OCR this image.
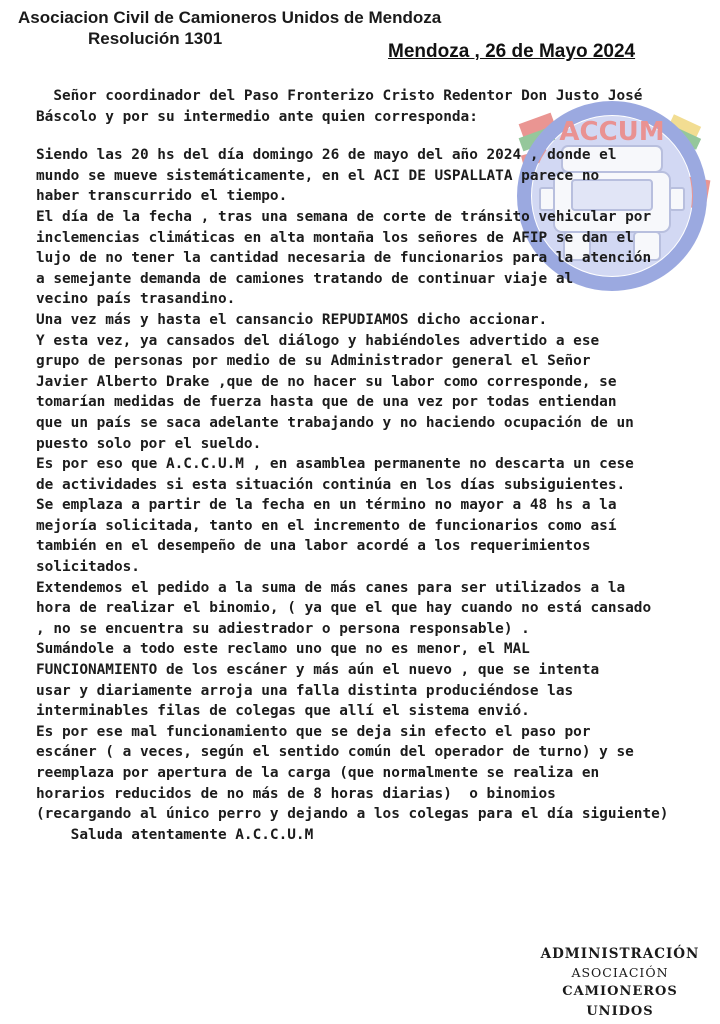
Asociacion Civil de Camioneros Unidos de Mendoza
Resolución 1301
Mendoza , 26 de Mayo 2024
ACCUM
Señor coordinador del Paso Fronterizo Cristo Redentor Don Justo José
Báscolo y por su intermedio ante quien corresponda:
Siendo las 20 hs del día domingo 26 de mayo del año 2024 , donde el
mundo se mueve sistemáticamente, en el ACI DE USPALLATA parece no
haber transcurrido el tiempo.
El día de la fecha , tras una semana de corte de tránsito vehicular por
inclemencias climáticas en alta montaña los señores de AFIP se dan el
lujo de no tener la cantidad necesaria de funcionarios para la atención
a semejante demanda de camiones tratando de continuar viaje al
vecino país trasandino.
Una vez más y hasta el cansancio REPUDIAMOS dicho accionar.
Y esta vez, ya cansados del diálogo y habiéndoles advertido a ese
grupo de personas por medio de su Administrador general el Señor
Javier Alberto Drake ,que de no hacer su labor como corresponde, se
tomarían medidas de fuerza hasta que de una vez por todas entiendan
que un país se saca adelante trabajando y no haciendo ocupación de un
puesto solo por el sueldo.
Es por eso que A.C.C.U.M , en asamblea permanente no descarta un cese
de actividades si esta situación continúa en los días subsiguientes.
Se emplaza a partir de la fecha en un término no mayor a 48 hs a la
mejoría solicitada, tanto en el incremento de funcionarios como así
también en el desempeño de una labor acordé a los requerimientos
solicitados.
Extendemos el pedido a la suma de más canes para ser utilizados a la
hora de realizar el binomio, ( ya que el que hay cuando no está cansado
, no se encuentra su adiestrador o persona responsable) .
Sumándole a todo este reclamo uno que no es menor, el MAL
FUNCIONAMIENTO de los escáner y más aún el nuevo , que se intenta
usar y diariamente arroja una falla distinta produciéndose las
interminables filas de colegas que allí el sistema envió.
Es por ese mal funcionamiento que se deja sin efecto el paso por
escáner ( a veces, según el sentido común del operador de turno) y se
reemplaza por apertura de la carga (que normalmente se realiza en
horarios reducidos de no más de 8 horas diarias)  o binomios
(recargando al único perro y dejando a los colegas para el día siguiente)
Saluda atentamente A.C.C.U.M
ADMINISTRACIÓN
ASOCIACIÓN
CAMIONEROS UNIDOS
